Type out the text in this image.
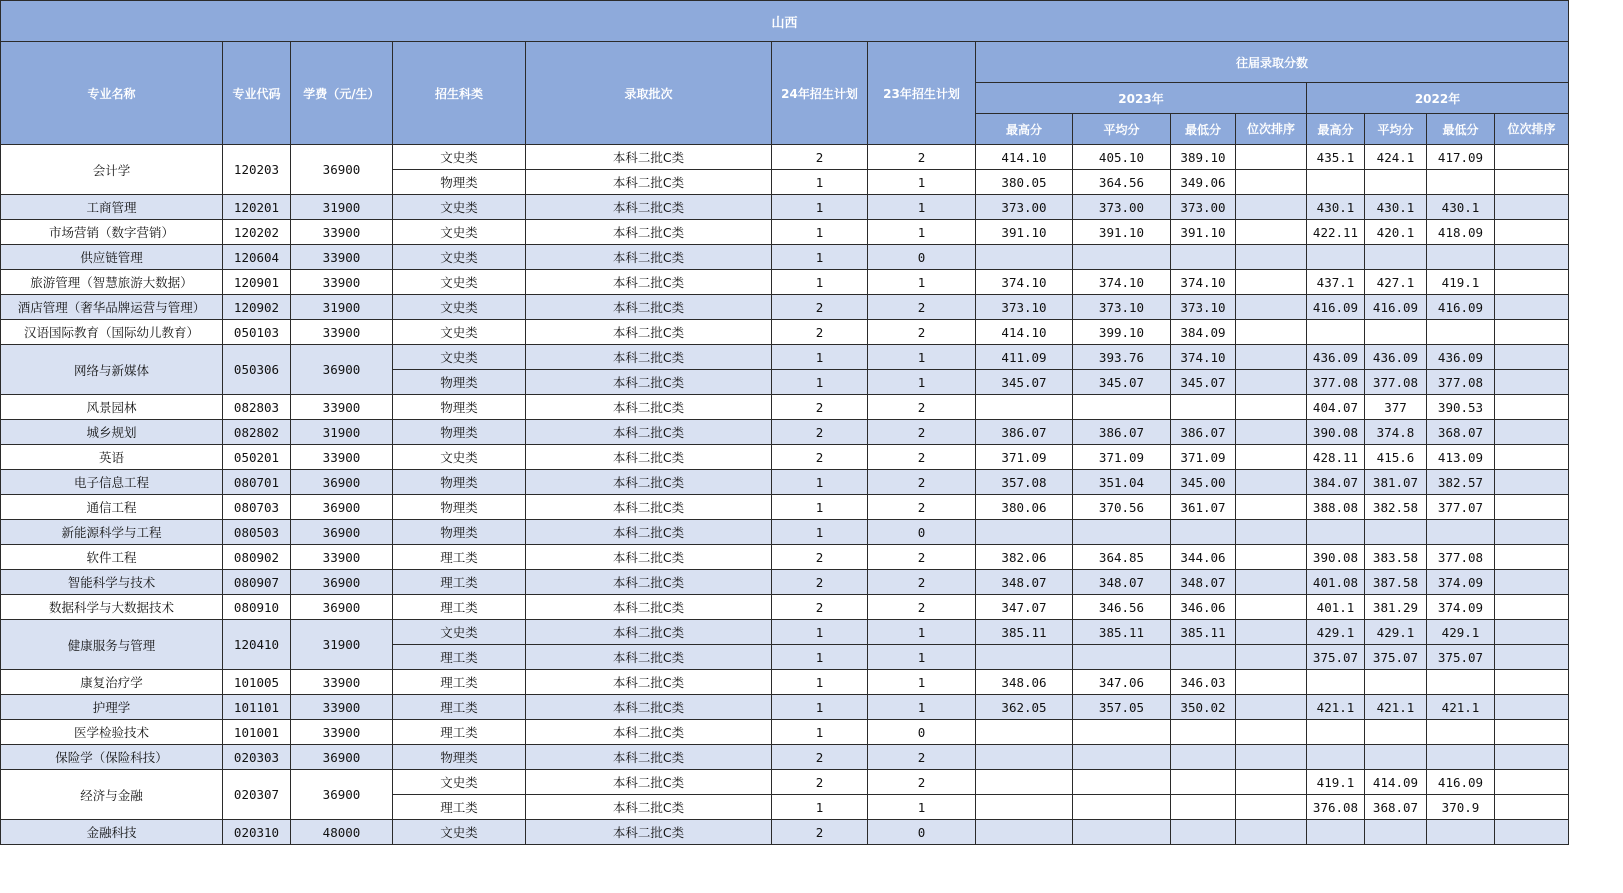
山西														
专业名称	专业代码	学费（元/生）	招生科类	录取批次	24年招生计划	23年招生计划	往届录取分数							
							2023年				2022年			
							最高分	平均分	最低分	位次排序	最高分	平均分	最低分	位次排序
会计学	120203	36900	文史类	本科二批C类	2	2	414.10	405.10	389.10		435.1	424.1	417.09	
			物理类	本科二批C类	1	1	380.05	364.56	349.06					
工商管理	120201	31900	文史类	本科二批C类	1	1	373.00	373.00	373.00		430.1	430.1	430.1	
市场营销（数字营销）	120202	33900	文史类	本科二批C类	1	1	391.10	391.10	391.10		422.11	420.1	418.09	
供应链管理	120604	33900	文史类	本科二批C类	1	0								
旅游管理（智慧旅游大数据）	120901	33900	文史类	本科二批C类	1	1	374.10	374.10	374.10		437.1	427.1	419.1	
酒店管理（奢华品牌运营与管理）	120902	31900	文史类	本科二批C类	2	2	373.10	373.10	373.10		416.09	416.09	416.09	
汉语国际教育（国际幼儿教育）	050103	33900	文史类	本科二批C类	2	2	414.10	399.10	384.09					
网络与新媒体	050306	36900	文史类	本科二批C类	1	1	411.09	393.76	374.10		436.09	436.09	436.09	
			物理类	本科二批C类	1	1	345.07	345.07	345.07		377.08	377.08	377.08	
风景园林	082803	33900	物理类	本科二批C类	2	2					404.07	377	390.53	
城乡规划	082802	31900	物理类	本科二批C类	2	2	386.07	386.07	386.07		390.08	374.8	368.07	
英语	050201	33900	文史类	本科二批C类	2	2	371.09	371.09	371.09		428.11	415.6	413.09	
电子信息工程	080701	36900	物理类	本科二批C类	1	2	357.08	351.04	345.00		384.07	381.07	382.57	
通信工程	080703	36900	物理类	本科二批C类	1	2	380.06	370.56	361.07		388.08	382.58	377.07	
新能源科学与工程	080503	36900	物理类	本科二批C类	1	0								
软件工程	080902	33900	理工类	本科二批C类	2	2	382.06	364.85	344.06		390.08	383.58	377.08	
智能科学与技术	080907	36900	理工类	本科二批C类	2	2	348.07	348.07	348.07		401.08	387.58	374.09	
数据科学与大数据技术	080910	36900	理工类	本科二批C类	2	2	347.07	346.56	346.06		401.1	381.29	374.09	
健康服务与管理	120410	31900	文史类	本科二批C类	1	1	385.11	385.11	385.11		429.1	429.1	429.1	
			理工类	本科二批C类	1	1					375.07	375.07	375.07	
康复治疗学	101005	33900	理工类	本科二批C类	1	1	348.06	347.06	346.03					
护理学	101101	33900	理工类	本科二批C类	1	1	362.05	357.05	350.02		421.1	421.1	421.1	
医学检验技术	101001	33900	理工类	本科二批C类	1	0								
保险学（保险科技）	020303	36900	物理类	本科二批C类	2	2								
经济与金融	020307	36900	文史类	本科二批C类	2	2					419.1	414.09	416.09	
			理工类	本科二批C类	1	1					376.08	368.07	370.9	
金融科技	020310	48000	文史类	本科二批C类	2	0								
